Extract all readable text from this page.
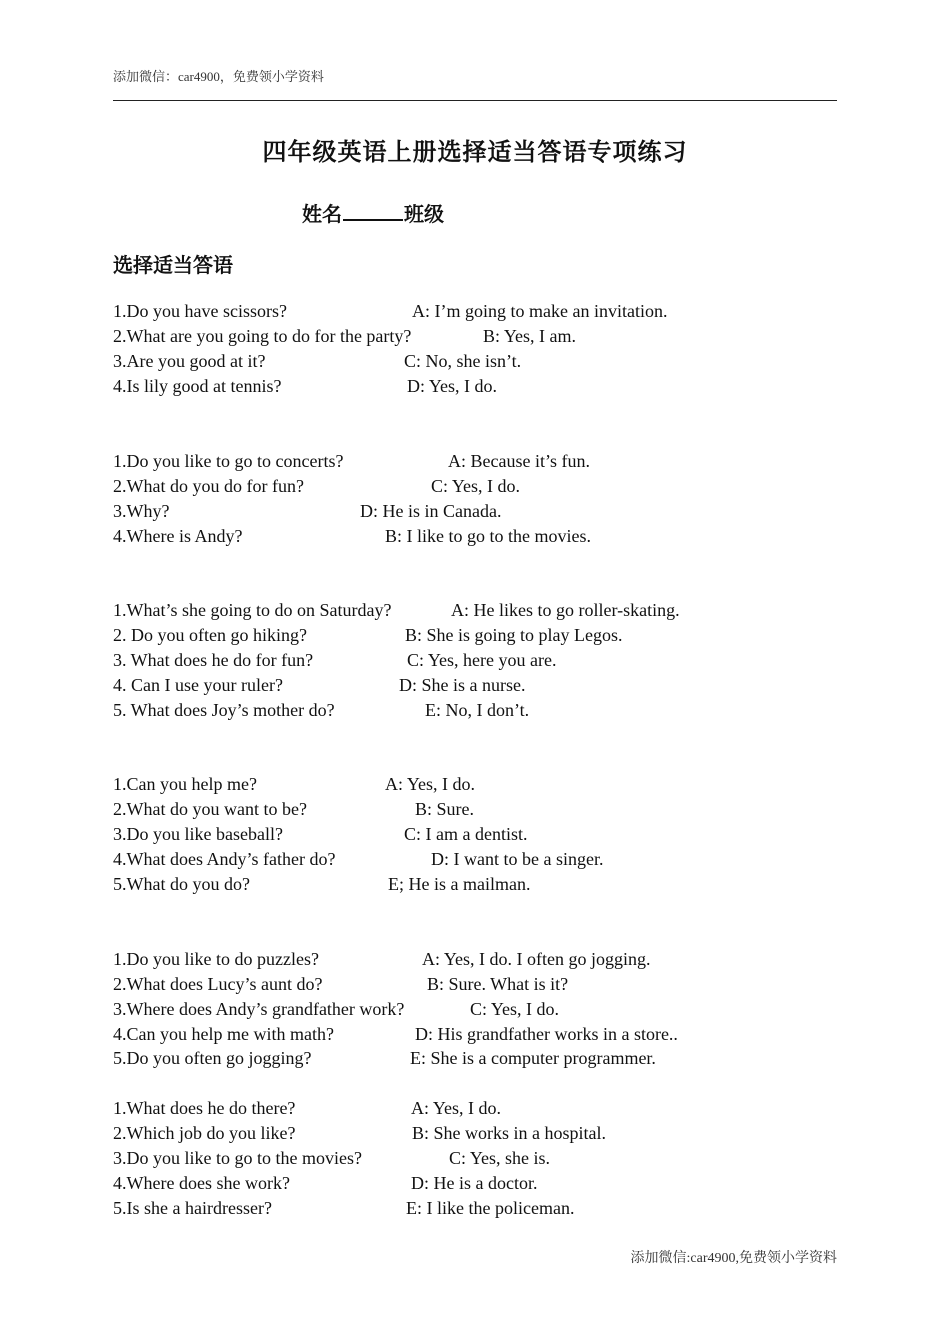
添加微信：car4900，免费领小学资料
四年级英语上册选择适当答语专项练习
姓名	班级
选择适当答语
1.Do you have scissors?	A: I’m going to make an invitation.
2.What are you going to do for the party?	B: Yes, I am.
3.Are you good at it?	C: No, she isn’t.
4.Is lily good at tennis?	D: Yes, I do.
1.Do you like to go to concerts?	A: Because it’s fun.
2.What do you do for fun?	C: Yes, I do.
3.Why?	D: He is in Canada.
4.Where is Andy?	B: I like to go to the movies.
1.What’s she going to do on Saturday?	A: He likes to go roller-skating.
2. Do you often go hiking?	B: She is going to play Legos.
3. What does he do for fun?	C: Yes, here you are.
4. Can I use your ruler?	D: She is a nurse.
5. What does Joy’s mother do?	E: No, I don’t.
1.Can you help me?	A: Yes, I do.
2.What do you want to be?	B: Sure.
3.Do you like baseball?	C: I am a dentist.
4.What does Andy’s father do?	D: I want to be a singer.
5.What do you do?	E; He is a mailman.
1.Do you like to do puzzles?	A: Yes, I do. I often go jogging.
2.What does Lucy’s aunt do?	B: Sure. What is it?
3.Where does Andy’s grandfather work?	C: Yes, I do.
4.Can you help me with math?	D: His grandfather works in a store..
5.Do you often go jogging?	E: She is a computer programmer.
1.What does he do there?	A: Yes, I do.
2.Which job do you like?	B: She works in a hospital.
3.Do you like to go to the movies?	C: Yes, she is.
4.Where does she work?	D: He is a doctor.
5.Is she a hairdresser?	E: I like the policeman.
添加微信:car4900,免费领小学资料
